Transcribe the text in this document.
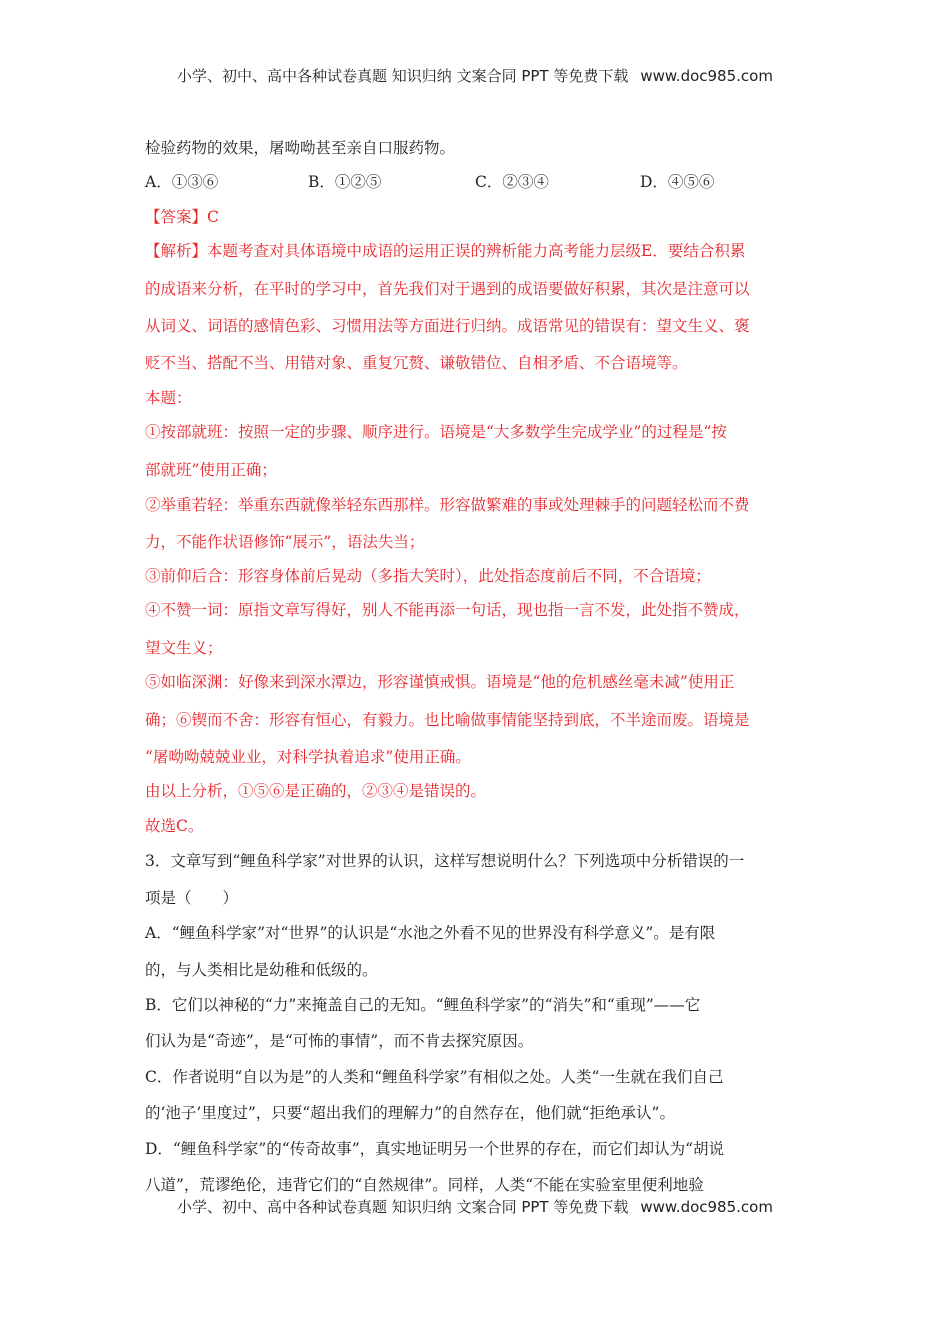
小学、初中、高中各种试卷真题 知识归纳 文案合同 PPT 等免费下载 www.doc985.com
检验药物的效果，屠呦呦甚至亲自口服药物。
A．①③⑥	B．①②⑤	C．②③④	D．④⑤⑥
【答案】C
【解析】本题考查对具体语境中成语的运用正误的辨析能力高考能力层级E．要结合积累
的成语来分析，在平时的学习中，首先我们对于遇到的成语要做好积累，其次是注意可以
从词义、词语的感情色彩、习惯用法等方面进行归纳。成语常见的错误有：望文生义、褒
贬不当、搭配不当、用错对象、重复冗赘、谦敬错位、自相矛盾、不合语境等。
本题：
①按部就班：按照一定的步骤、顺序进行。语境是“大多数学生完成学业”的过程是“按
部就班”使用正确；
②举重若轻：举重东西就像举轻东西那样。形容做繁难的事或处理棘手的问题轻松而不费
力，不能作状语修饰“展示”，语法失当；
③前仰后合：形容身体前后晃动（多指大笑时），此处指态度前后不同，不合语境；
④不赞一词：原指文章写得好，别人不能再添一句话，现也指一言不发，此处指不赞成，
望文生义；
⑤如临深渊：好像来到深水潭边，形容谨慎戒惧。语境是“他的危机感丝毫未减”使用正
确；⑥锲而不舍：形容有恒心，有毅力。也比喻做事情能坚持到底，不半途而废。语境是
“屠呦呦兢兢业业，对科学执着追求”使用正确。
由以上分析，①⑤⑥是正确的，②③④是错误的。
故选C。
3．文章写到“鲤鱼科学家”对世界的认识，这样写想说明什么？下列选项中分析错误的一
项是（　　）
A．“鲤鱼科学家”对“世界”的认识是“水池之外看不见的世界没有科学意义”。是有限
的，与人类相比是幼稚和低级的。
B．它们以神秘的“力”来掩盖自己的无知。“鲤鱼科学家”的“消失”和“重现”——它
们认为是“奇迹”，是“可怖的事情”，而不肯去探究原因。
C．作者说明“自以为是”的人类和“鲤鱼科学家”有相似之处。人类“一生就在我们自己
的‘池子’里度过”，只要“超出我们的理解力”的自然存在，他们就“拒绝承认”。
D．“鲤鱼科学家”的“传奇故事”，真实地证明另一个世界的存在，而它们却认为“胡说
八道”，荒谬绝伦，违背它们的“自然规律”。同样，人类“不能在实验室里便利地验
小学、初中、高中各种试卷真题 知识归纳 文案合同 PPT 等免费下载 www.doc985.com
